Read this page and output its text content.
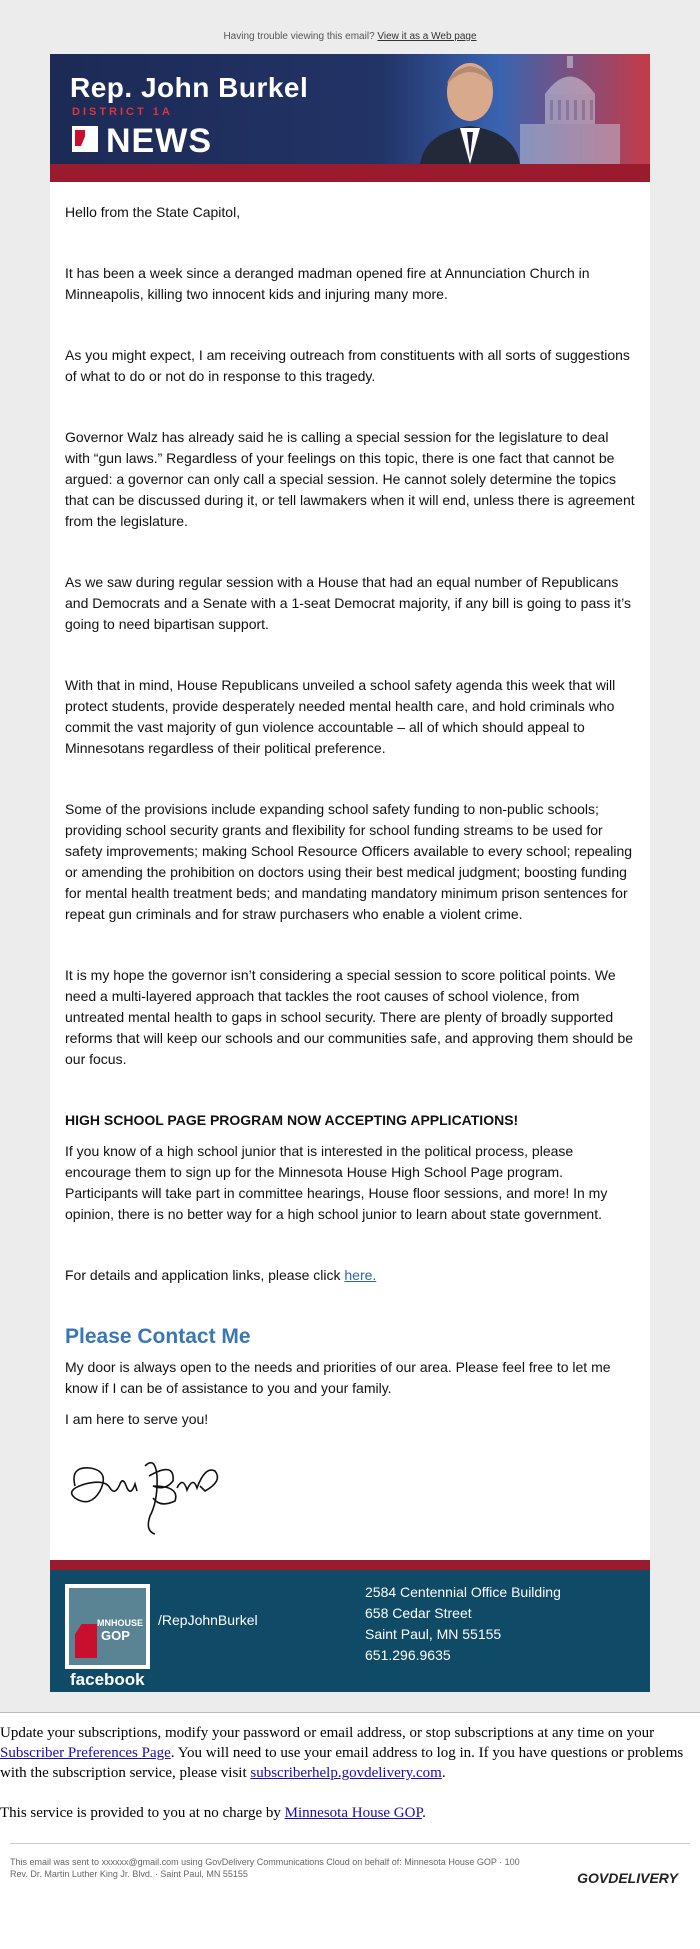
Having trouble viewing this email? View it as a Web page
Rep. John Burkel
DISTRICT 1A
NEWS

Hello from the State Capitol,

It has been a week since a deranged madman opened fire at Annunciation Church in Minneapolis, killing two innocent kids and injuring many more.

As you might expect, I am receiving outreach from constituents with all sorts of suggestions of what to do or not do in response to this tragedy.

Governor Walz has already said he is calling a special session for the legislature to deal with “gun laws.” Regardless of your feelings on this topic, there is one fact that cannot be argued: a governor can only call a special session. He cannot solely determine the topics that can be discussed during it, or tell lawmakers when it will end, unless there is agreement from the legislature.

As we saw during regular session with a House that had an equal number of Republicans and Democrats and a Senate with a 1-seat Democrat majority, if any bill is going to pass it’s going to need bipartisan support.

With that in mind, House Republicans unveiled a school safety agenda this week that will protect students, provide desperately needed mental health care, and hold criminals who commit the vast majority of gun violence accountable – all of which should appeal to Minnesotans regardless of their political preference.

Some of the provisions include expanding school safety funding to non-public schools; providing school security grants and flexibility for school funding streams to be used for safety improvements; making School Resource Officers available to every school; repealing or amending the prohibition on doctors using their best medical judgment; boosting funding for mental health treatment beds; and mandating mandatory minimum prison sentences for repeat gun criminals and for straw purchasers who enable a violent crime.

It is my hope the governor isn’t considering a special session to score political points. We need a multi-layered approach that tackles the root causes of school violence, from untreated mental health to gaps in school security. There are plenty of broadly supported reforms that will keep our schools and our communities safe, and approving them should be our focus.

HIGH SCHOOL PAGE PROGRAM NOW ACCEPTING APPLICATIONS!

If you know of a high school junior that is interested in the political process, please encourage them to sign up for the Minnesota House High School Page program. Participants will take part in committee hearings, House floor sessions, and more! In my opinion, there is no better way for a high school junior to learn about state government.

For details and application links, please click here.

Please Contact Me

My door is always open to the needs and priorities of our area. Please feel free to let me know if I can be of assistance to you and your family.

I am here to serve you!

MNHOUSE
GOP
facebook
/RepJohnBurkel
2584 Centennial Office Building
658 Cedar Street
Saint Paul, MN 55155
651.296.9635

Update your subscriptions, modify your password or email address, or stop subscriptions at any time on your Subscriber Preferences Page. You will need to use your email address to log in. If you have questions or problems with the subscription service, please visit subscriberhelp.govdelivery.com.

This service is provided to you at no charge by Minnesota House GOP.

This email was sent to xxxxxx@gmail.com using GovDelivery Communications Cloud on behalf of: Minnesota House GOP · 100
Rev. Dr. Martin Luther King Jr. Blvd. · Saint Paul, MN 55155	GOVDELIVERY
